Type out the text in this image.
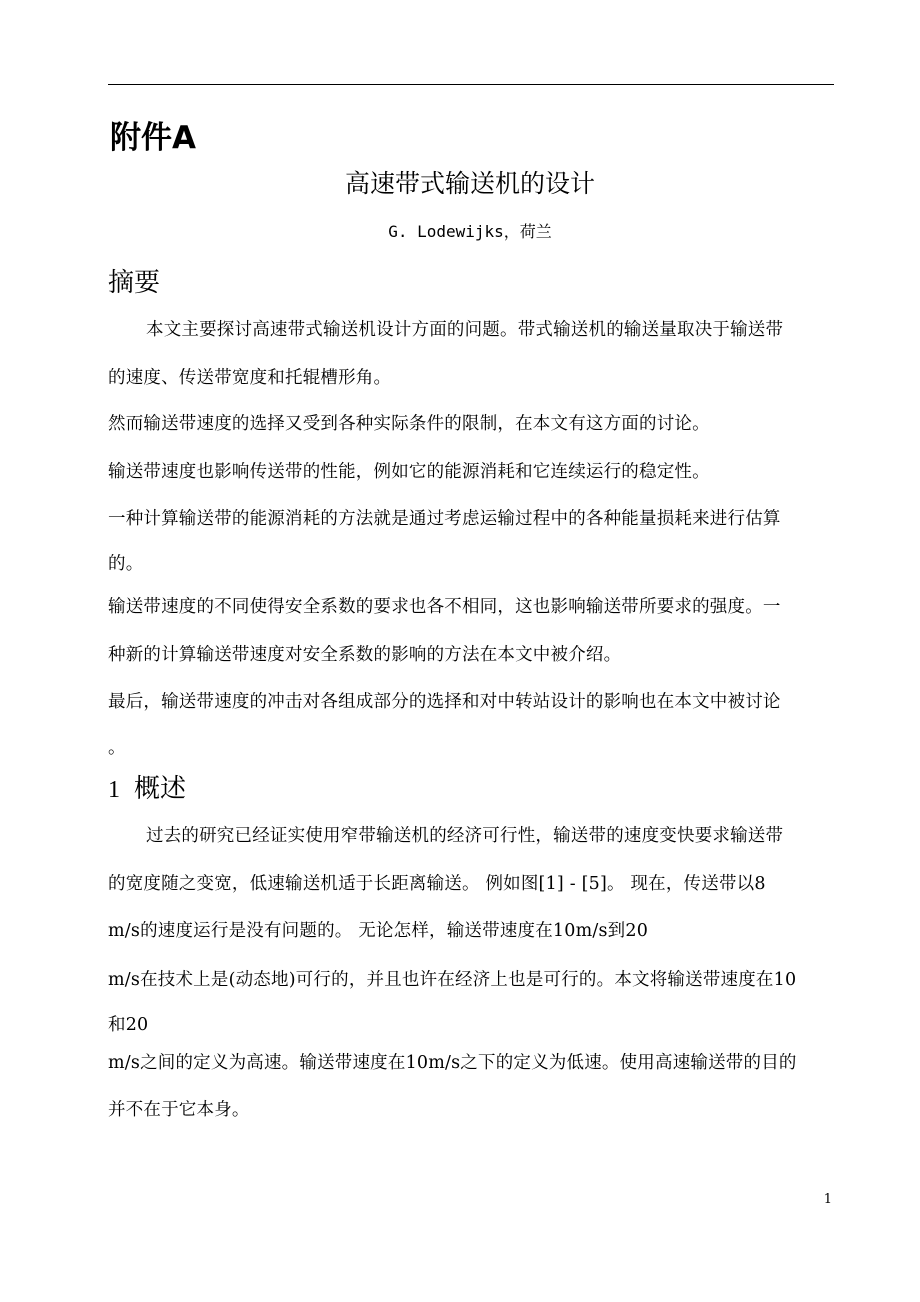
附件A
高速带式输送机的设计
G. Lodewijks，荷兰
摘要
本文主要探讨高速带式输送机设计方面的问题。带式输送机的输送量取决于输送带
的速度、传送带宽度和托辊槽形角。
然而输送带速度的选择又受到各种实际条件的限制，在本文有这方面的讨论。
输送带速度也影响传送带的性能，例如它的能源消耗和它连续运行的稳定性。
一种计算输送带的能源消耗的方法就是通过考虑运输过程中的各种能量损耗来进行估算
的。
输送带速度的不同使得安全系数的要求也各不相同，这也影响输送带所要求的强度。一
种新的计算输送带速度对安全系数的影响的方法在本文中被介绍。
最后，输送带速度的冲击对各组成部分的选择和对中转站设计的影响也在本文中被讨论
。
1 概述
过去的研究已经证实使用窄带输送机的经济可行性，输送带的速度变快要求输送带
的宽度随之变宽，低速输送机适于长距离输送。 例如图[1] - [5]。 现在，传送带以8
m/s的速度运行是没有问题的。 无论怎样，输送带速度在10m/s到20
m/s在技术上是(动态地)可行的，并且也许在经济上也是可行的。本文将输送带速度在10
和20
m/s之间的定义为高速。输送带速度在10m/s之下的定义为低速。使用高速输送带的目的
并不在于它本身。
1
